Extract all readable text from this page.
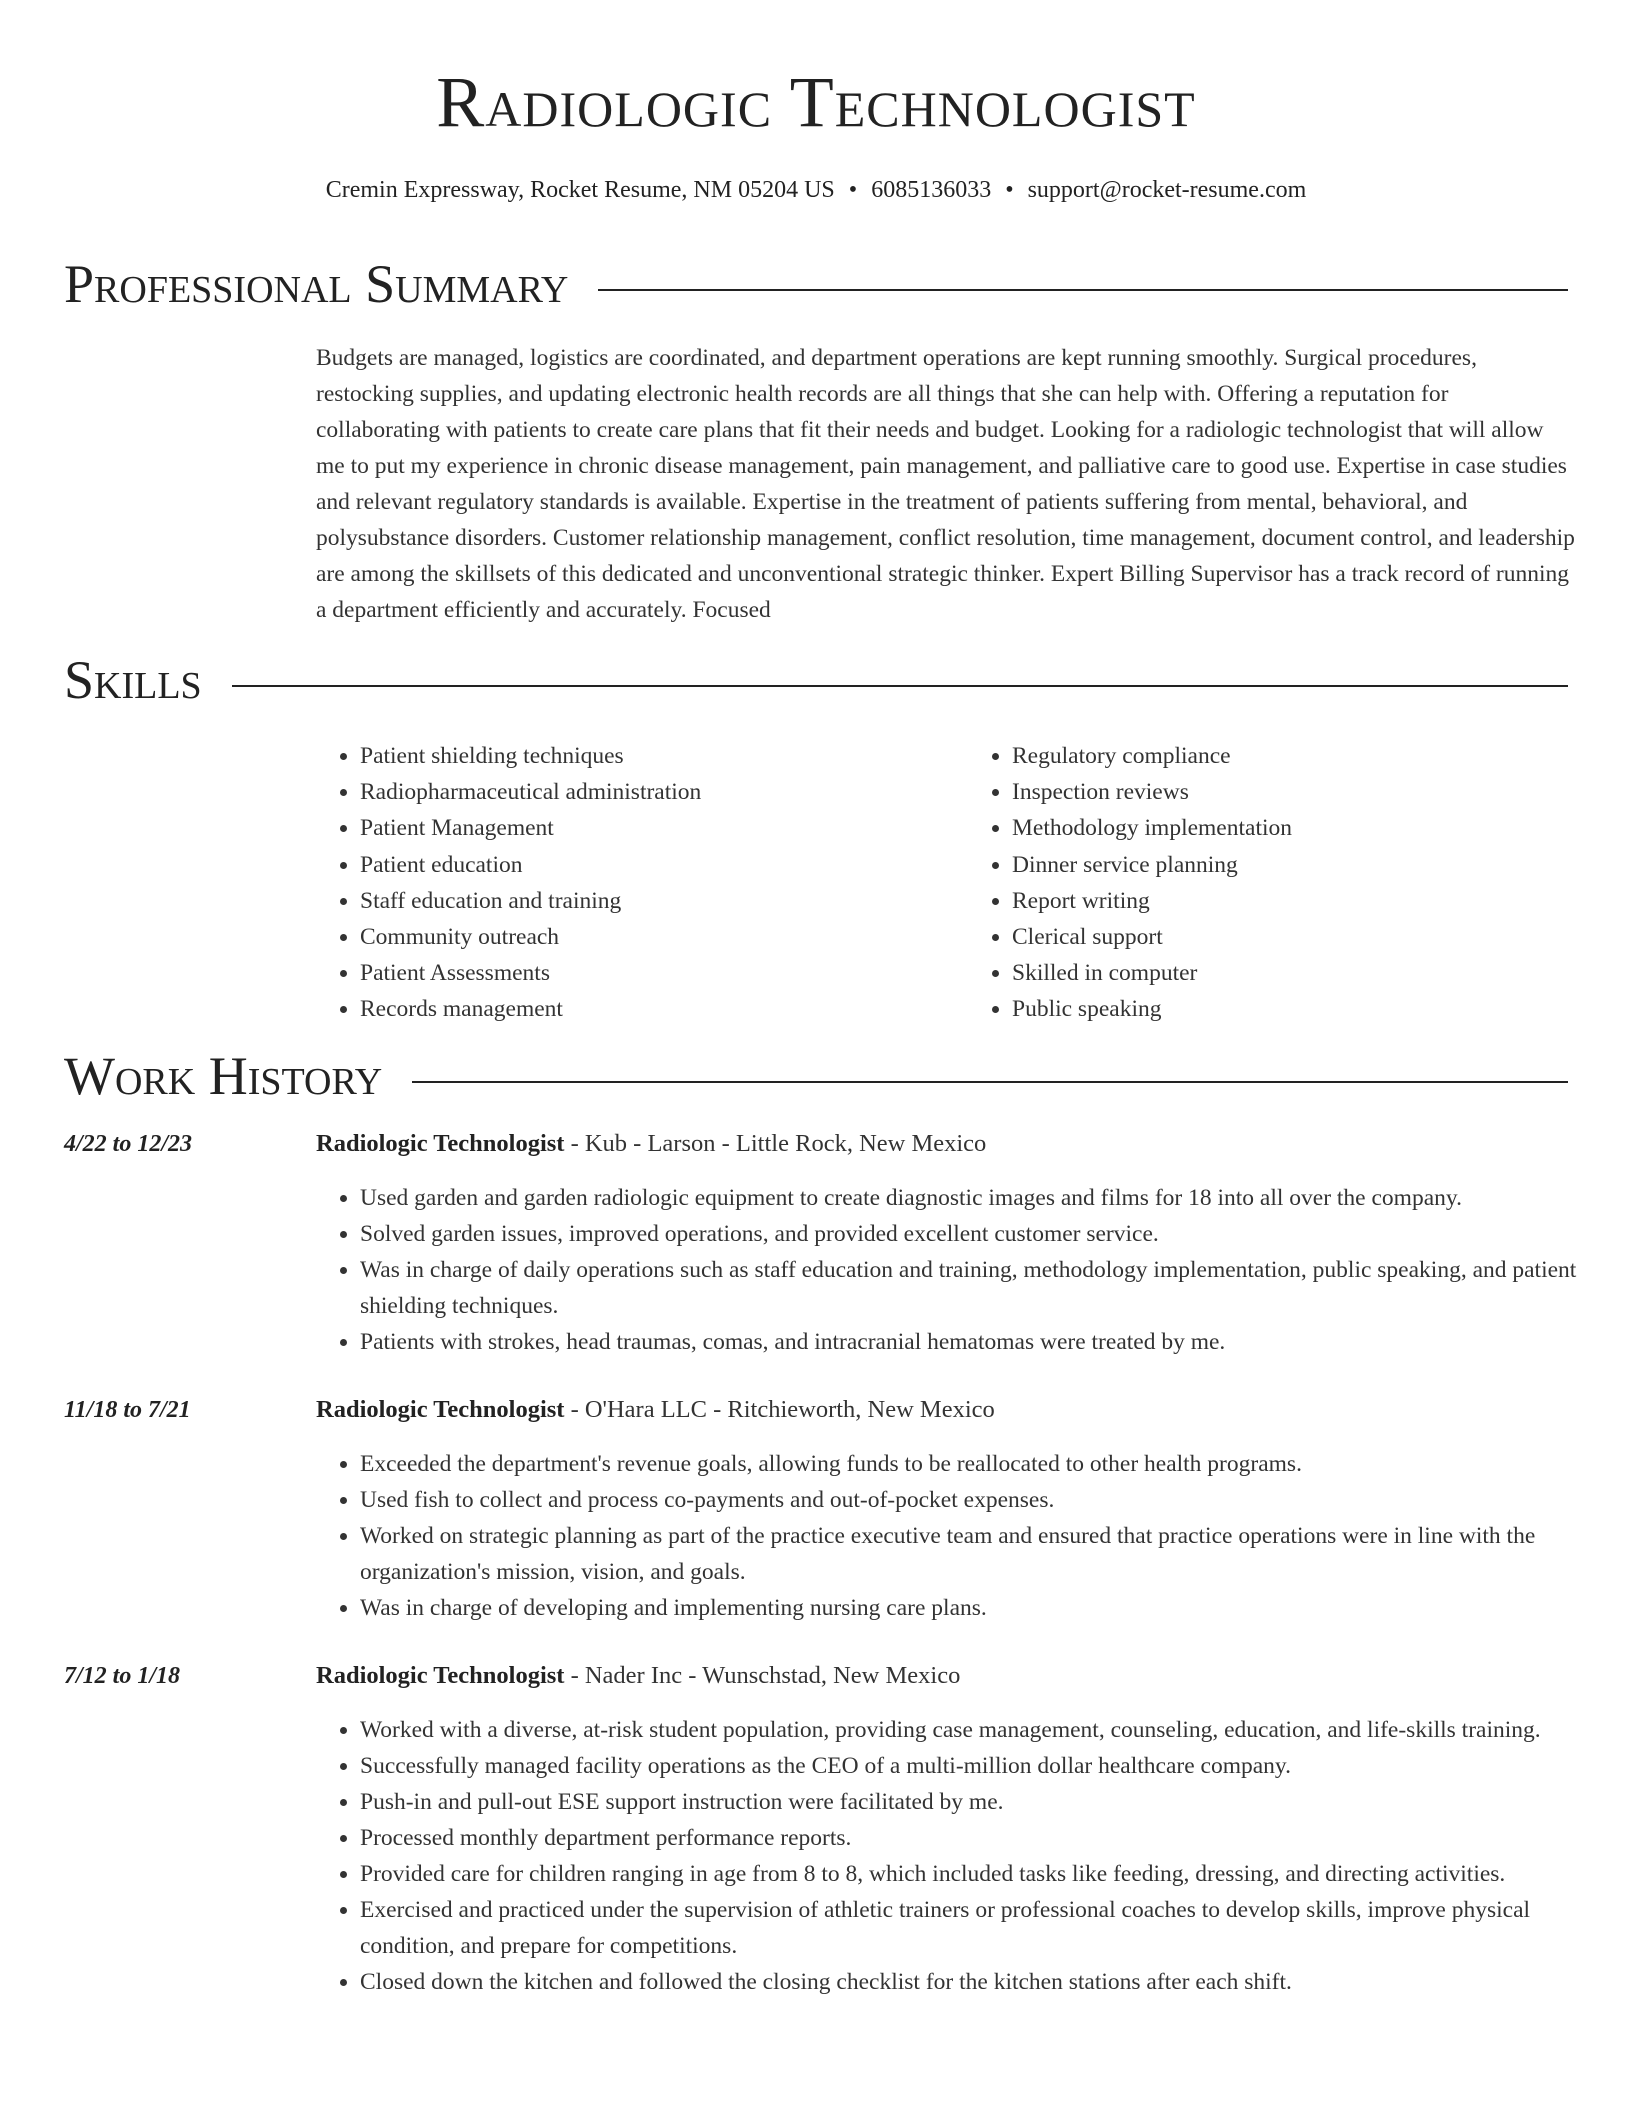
Radiologic Technologist
Cremin Expressway, Rocket Resume, NM 05204 US • 6085136033 • support@rocket-resume.com
Professional Summary

Budgets are managed, logistics are coordinated, and department operations are kept running smoothly. Surgical procedures, restocking supplies, and updating electronic health records are all things that she can help with. Offering a reputation for collaborating with patients to create care plans that fit their needs and budget. Looking for a radiologic technologist that will allow me to put my experience in chronic disease management, pain management, and palliative care to good use. Expertise in case studies and relevant regulatory standards is available. Expertise in the treatment of patients suffering from mental, behavioral, and polysubstance disorders. Customer relationship management, conflict resolution, time management, document control, and leadership are among the skillsets of this dedicated and unconventional strategic thinker. Expert Billing Supervisor has a track record of running a department efficiently and accurately. Focused

Skills
• Patient shielding techniques
• Radiopharmaceutical administration
• Patient Management
• Patient education
• Staff education and training
• Community outreach
• Patient Assessments
• Records management
• Regulatory compliance
• Inspection reviews
• Methodology implementation
• Dinner service planning
• Report writing
• Clerical support
• Skilled in computer
• Public speaking
Work History
4/22 to 12/23	Radiologic Technologist - Kub - Larson - Little Rock, New Mexico
• Used garden and garden radiologic equipment to create diagnostic images and films for 18 into all over the company.
• Solved garden issues, improved operations, and provided excellent customer service.
• Was in charge of daily operations such as staff education and training, methodology implementation, public speaking, and patient shielding techniques.
• Patients with strokes, head traumas, comas, and intracranial hematomas were treated by me.
11/18 to 7/21	Radiologic Technologist - O'Hara LLC - Ritchieworth, New Mexico
• Exceeded the department's revenue goals, allowing funds to be reallocated to other health programs.
• Used fish to collect and process co-payments and out-of-pocket expenses.
• Worked on strategic planning as part of the practice executive team and ensured that practice operations were in line with the organization's mission, vision, and goals.
• Was in charge of developing and implementing nursing care plans.
7/12 to 1/18	Radiologic Technologist - Nader Inc - Wunschstad, New Mexico
• Worked with a diverse, at-risk student population, providing case management, counseling, education, and life-skills training.
• Successfully managed facility operations as the CEO of a multi-million dollar healthcare company.
• Push-in and pull-out ESE support instruction were facilitated by me.
• Processed monthly department performance reports.
• Provided care for children ranging in age from 8 to 8, which included tasks like feeding, dressing, and directing activities.
• Exercised and practiced under the supervision of athletic trainers or professional coaches to develop skills, improve physical condition, and prepare for competitions.
• Closed down the kitchen and followed the closing checklist for the kitchen stations after each shift.
